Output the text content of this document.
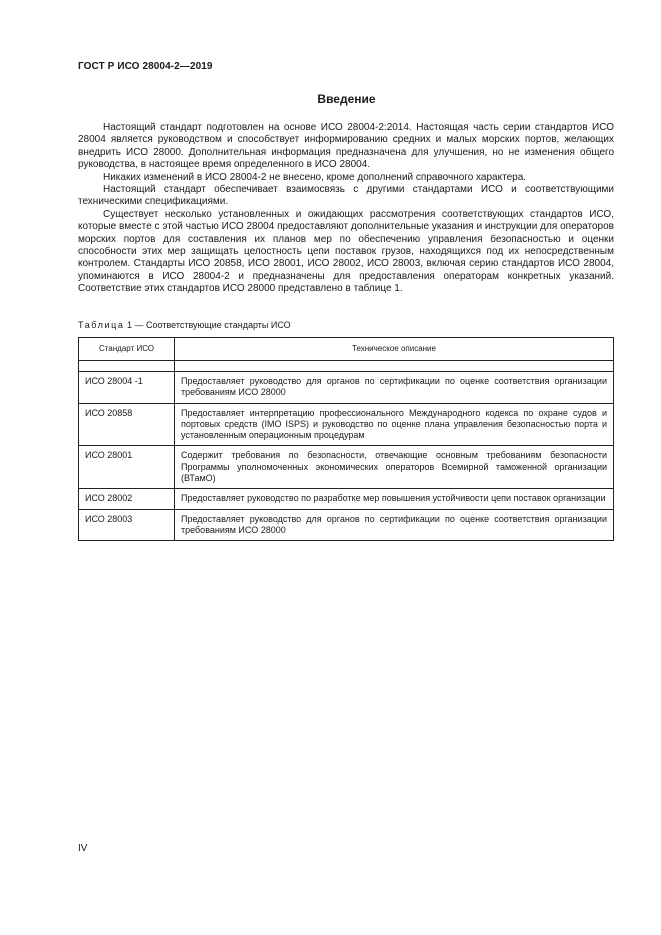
ГОСТ Р ИСО 28004-2—2019
Введение

Настоящий стандарт подготовлен на основе ИСО 28004-2:2014. Настоящая часть серии стандартов ИСО 28004 является руководством и способствует информированию средних и малых морских портов, желающих внедрить ИСО 28000. Дополнительная информация предназначена для улучшения, но не изменения общего руководства, в настоящее время определенного в ИСО 28004.

Никаких изменений в ИСО 28004-2 не внесено, кроме дополнений справочного характера.

Настоящий стандарт обеспечивает взаимосвязь с другими стандартами ИСО и соответствующими техническими спецификациями.

Существует несколько установленных и ожидающих рассмотрения соответствующих стандартов ИСО, которые вместе с этой частью ИСО 28004 предоставляют дополнительные указания и инструкции для операторов морских портов для составления их планов мер по обеспечению управления безопасностью и оценки способности этих мер защищать целостность цепи поставок грузов, находящихся под их непосредственным контролем. Стандарты ИСО 20858, ИСО 28001, ИСО 28002, ИСО 28003, включая серию стандартов ИСО 28004, упоминаются в ИСО 28004-2 и предназначены для предоставления операторам конкретных указаний. Соответствие этих стандартов ИСО 28000 представлено в таблице 1.

Таблица 1 — Соответствующие стандарты ИСО
Стандарт ИСО	Техническое описание

ИСО 28004 -1	Предоставляет руководство для органов по сертификации по оценке соответствия организации требованиям ИСО 28000
ИСО 20858	Предоставляет интерпретацию профессионального Международного кодекса по охране судов и портовых средств (IMO ISPS) и руководство по оценке плана управления безопасностью порта и установленным операционным процедурам
ИСО 28001	Содержит требования по безопасности, отвечающие основным требованиям безопасности Программы уполномоченных экономических операторов Всемирной таможенной организации (ВТамО)
ИСО 28002	Предоставляет руководство по разработке мер повышения устойчивости цепи поставок организации
ИСО 28003	Предоставляет руководство для органов по сертификации по оценке соответствия организации требованиям ИСО 28000
IV
